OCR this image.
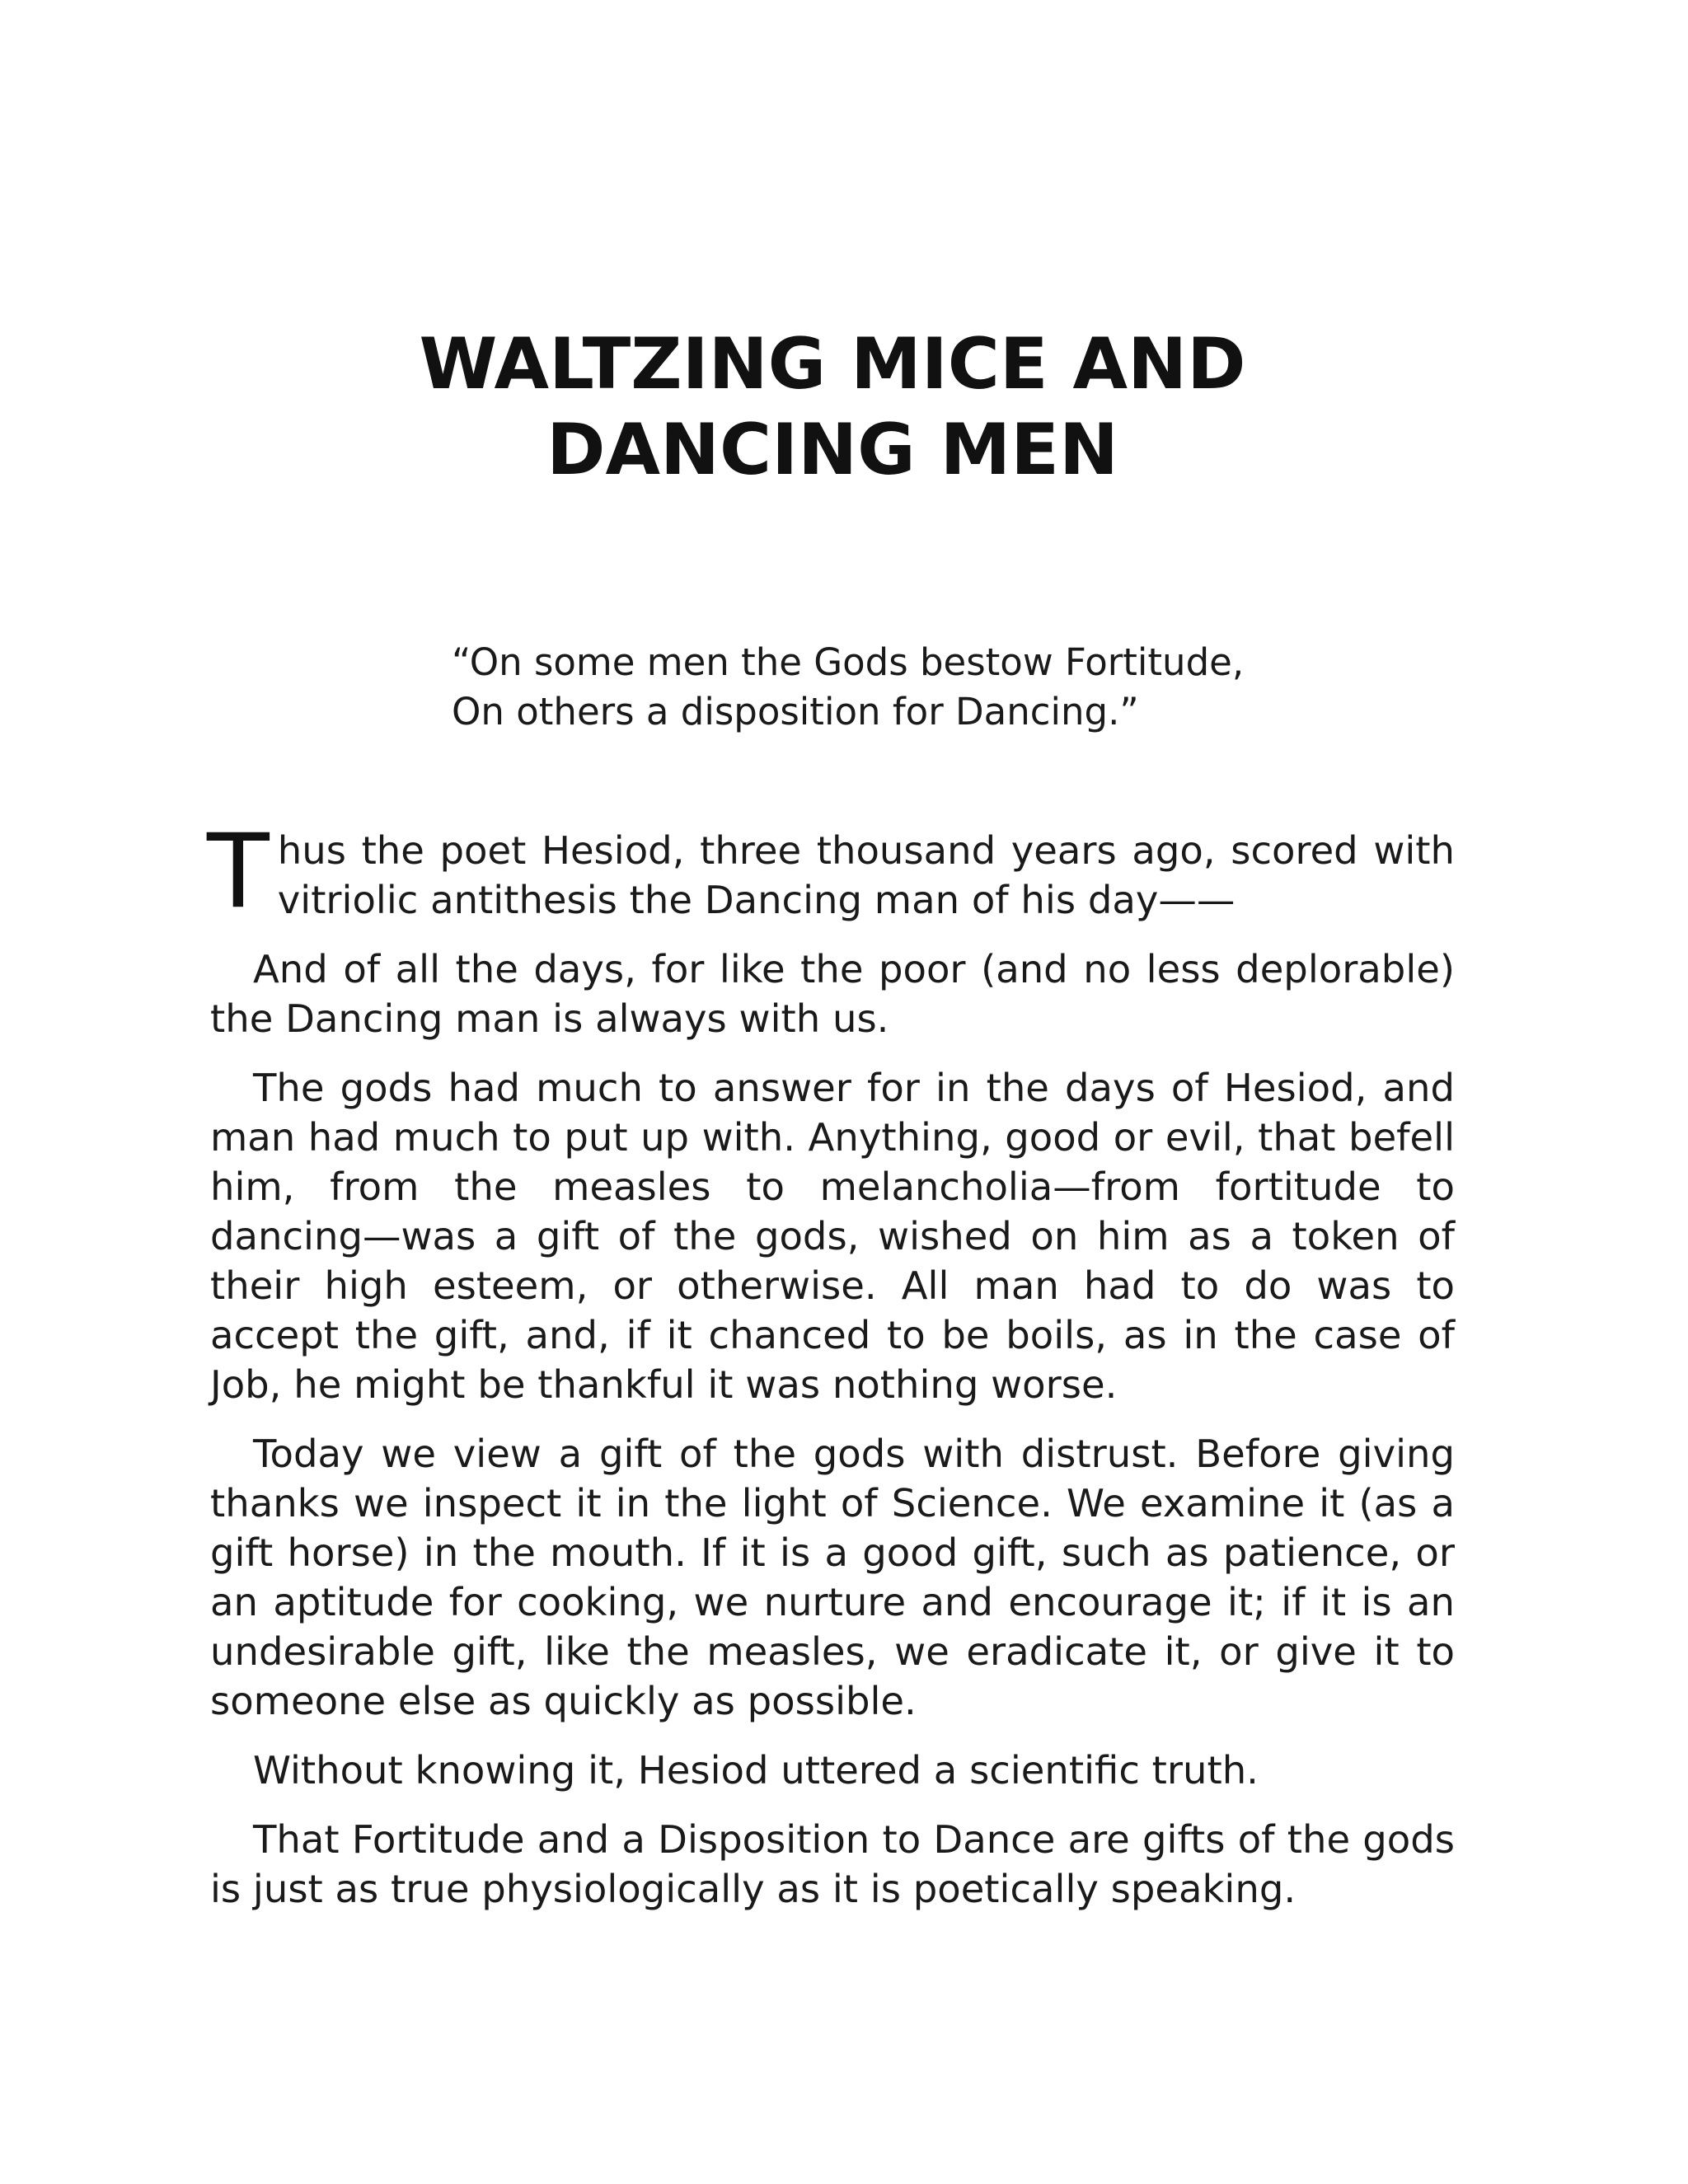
WALTZING MICE AND DANCING MEN
“On some men the Gods bestow Fortitude,
On others a disposition for Dancing.”

Thus the poet Hesiod, three thousand years ago, scored with vitriolic antithesis the Dancing man of his day——

And of all the days, for like the poor (and no less deplorable) the Dancing man is always with us.

The gods had much to answer for in the days of Hesiod, and man had much to put up with. Anything, good or evil, that befell him, from the measles to melancholia—from fortitude to dancing—was a gift of the gods, wished on him as a token of their high esteem, or otherwise. All man had to do was to accept the gift, and, if it chanced to be boils, as in the case of Job, he might be thankful it was nothing worse.

Today we view a gift of the gods with distrust. Before giving thanks we inspect it in the light of Science. We examine it (as a gift horse) in the mouth. If it is a good gift, such as patience, or an aptitude for cooking, we nurture and encourage it; if it is an undesirable gift, like the measles, we eradicate it, or give it to someone else as quickly as possible.

Without knowing it, Hesiod uttered a scientific truth.

That Fortitude and a Disposition to Dance are gifts of the gods is just as true physiologically as it is poetically speaking.
